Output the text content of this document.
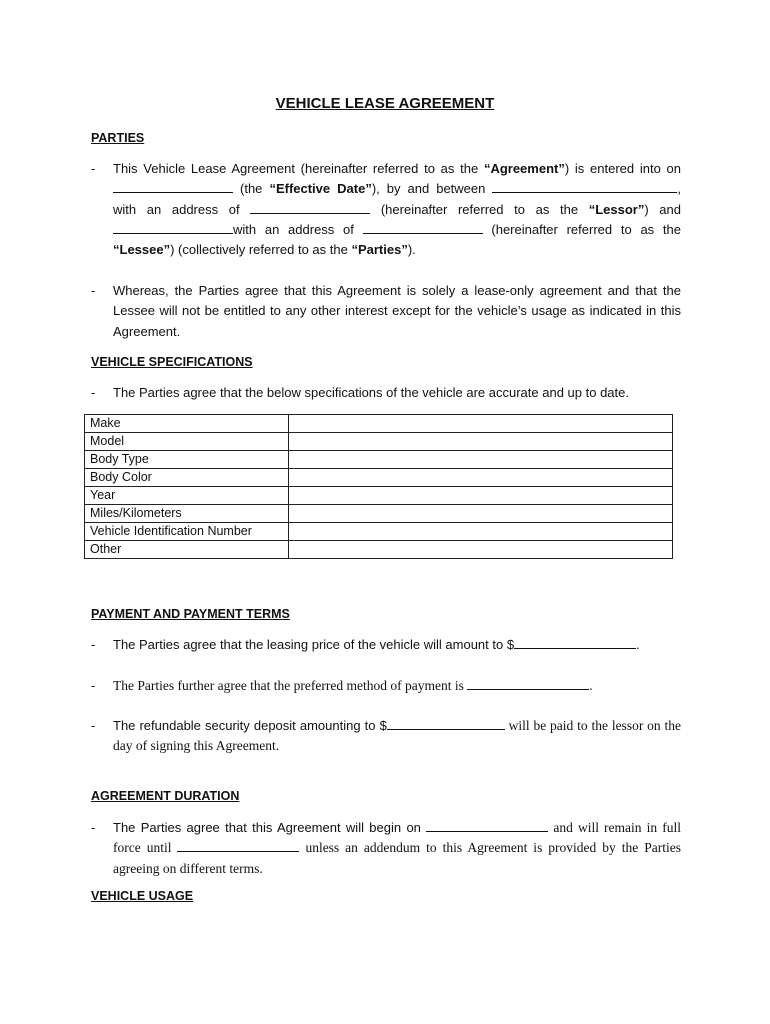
VEHICLE LEASE AGREEMENT
PARTIES
- This Vehicle Lease Agreement (hereinafter referred to as the “Agreement”) is entered into on  (the “Effective Date”), by and between	, with an address of	(hereinafter referred to as the “Lessor”) and with an address of	(hereinafter referred to as the “Lessee”) (collectively referred to as the “Parties”).
- Whereas, the Parties agree that this Agreement is solely a lease-only agreement and that the Lessee will not be entitled to any other interest except for the vehicle’s usage as indicated in this Agreement.
VEHICLE SPECIFICATIONS
- The Parties agree that the below specifications of the vehicle are accurate and up to date.
Make	
Model	
Body Type	
Body Color	
Year	
Miles/Kilometers	
Vehicle Identification Number	
Other	
PAYMENT AND PAYMENT TERMS
- The Parties agree that the leasing price of the vehicle will amount to $	.
- The Parties further agree that the preferred method of payment is	.
- The refundable security deposit amounting to $	will be paid to the lessor on the day of signing this Agreement.
AGREEMENT DURATION
- The Parties agree that this Agreement will begin on	and will remain in full force until	unless an addendum to this Agreement is provided by the Parties agreeing on different terms.
VEHICLE USAGE
